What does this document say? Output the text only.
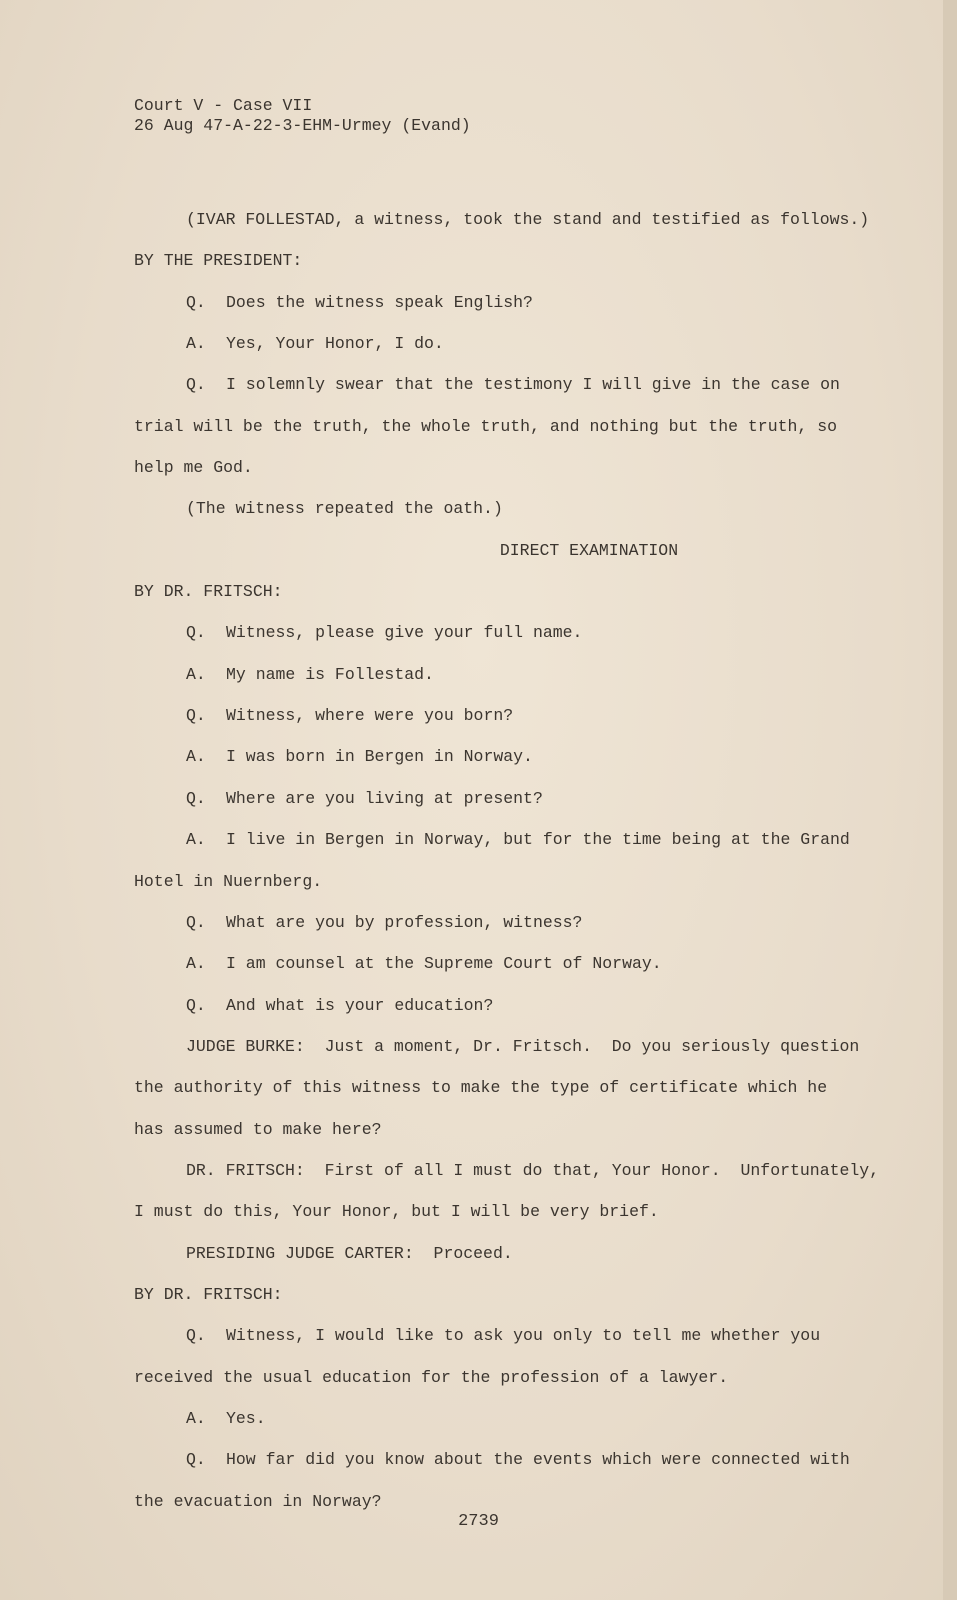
Court V - Case VII
26 Aug 47-A-22-3-EHM-Urmey (Evand)
(IVAR FOLLESTAD, a witness, took the stand and testified as follows.)
BY THE PRESIDENT:
Q. Does the witness speak English?
A. Yes, Your Honor, I do.
Q. I solemnly swear that the testimony I will give in the case on
trial will be the truth, the whole truth, and nothing but the truth, so
help me God.
(The witness repeated the oath.)
DIRECT EXAMINATION
BY DR. FRITSCH:
Q. Witness, please give your full name.
A. My name is Follestad.
Q. Witness, where were you born?
A. I was born in Bergen in Norway.
Q. Where are you living at present?
A. I live in Bergen in Norway, but for the time being at the Grand
Hotel in Nuernberg.
Q. What are you by profession, witness?
A. I am counsel at the Supreme Court of Norway.
Q. And what is your education?
JUDGE BURKE:  Just a moment, Dr. Fritsch.  Do you seriously question
the authority of this witness to make the type of certificate which he
has assumed to make here?
DR. FRITSCH:  First of all I must do that, Your Honor.  Unfortunately,
I must do this, Your Honor, but I will be very brief.
PRESIDING JUDGE CARTER:  Proceed.
BY DR. FRITSCH:
Q. Witness, I would like to ask you only to tell me whether you
received the usual education for the profession of a lawyer.
A. Yes.
Q. How far did you know about the events which were connected with
the evacuation in Norway?
2739
